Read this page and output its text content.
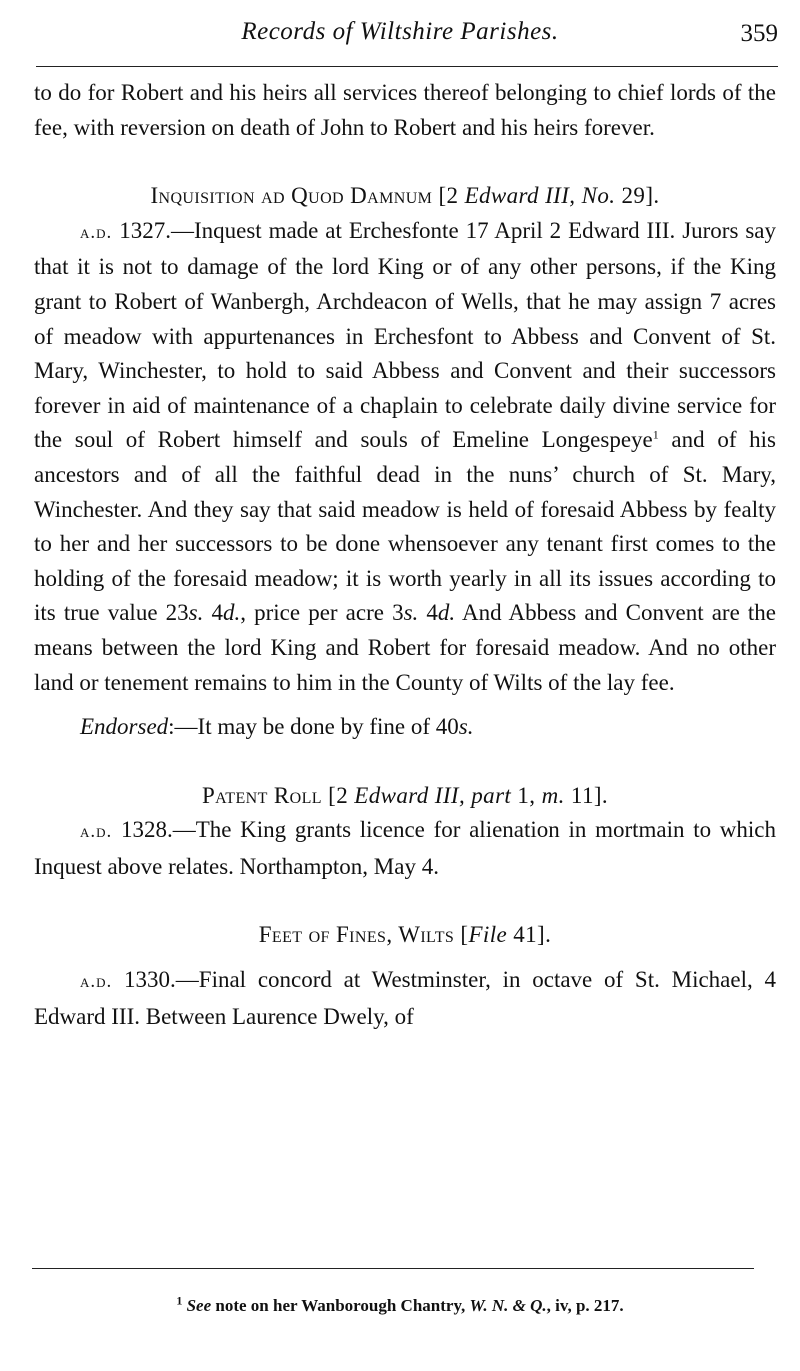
Records of Wiltshire Parishes.	359

to do for Robert and his heirs all services thereof belonging to chief lords of the fee, with reversion on death of John to Robert and his heirs forever.

Inquisition ad Quod Damnum [2 Edward III, No. 29].

a.d. 1327.—Inquest made at Erchesfonte 17 April 2 Edward III. Jurors say that it is not to damage of the lord King or of any other persons, if the King grant to Robert of Wanbergh, Archdeacon of Wells, that he may assign 7 acres of meadow with appurtenances in Erchesfont to Abbess and Convent of St. Mary, Winchester, to hold to said Abbess and Convent and their successors forever in aid of maintenance of a chaplain to celebrate daily divine service for the soul of Robert himself and souls of Emeline Longespeye$^1$ and of his ancestors and of all the faithful dead in the nuns’ church of St. Mary, Winchester. And they say that said meadow is held of foresaid Abbess by fealty to her and her successors to be done whensoever any tenant first comes to the holding of the foresaid meadow; it is worth yearly in all its issues according to its true value 23s. 4d., price per acre 3s. 4d. And Abbess and Convent are the means between the lord King and Robert for foresaid meadow. And no other land or tenement remains to him in the County of Wilts of the lay fee.

Endorsed:—It may be done by fine of 40s.

Patent Roll [2 Edward III, part 1, m. 11].

a.d. 1328.—The King grants licence for alienation in mortmain to which Inquest above relates. Northampton, May 4.

Feet of Fines, Wilts [File 41].

a.d. 1330.—Final concord at Westminster, in octave of St. Michael, 4 Edward III. Between Laurence Dwely, of

$^1$ See note on her Wanborough Chantry, W. N. & Q., iv, p. 217.
